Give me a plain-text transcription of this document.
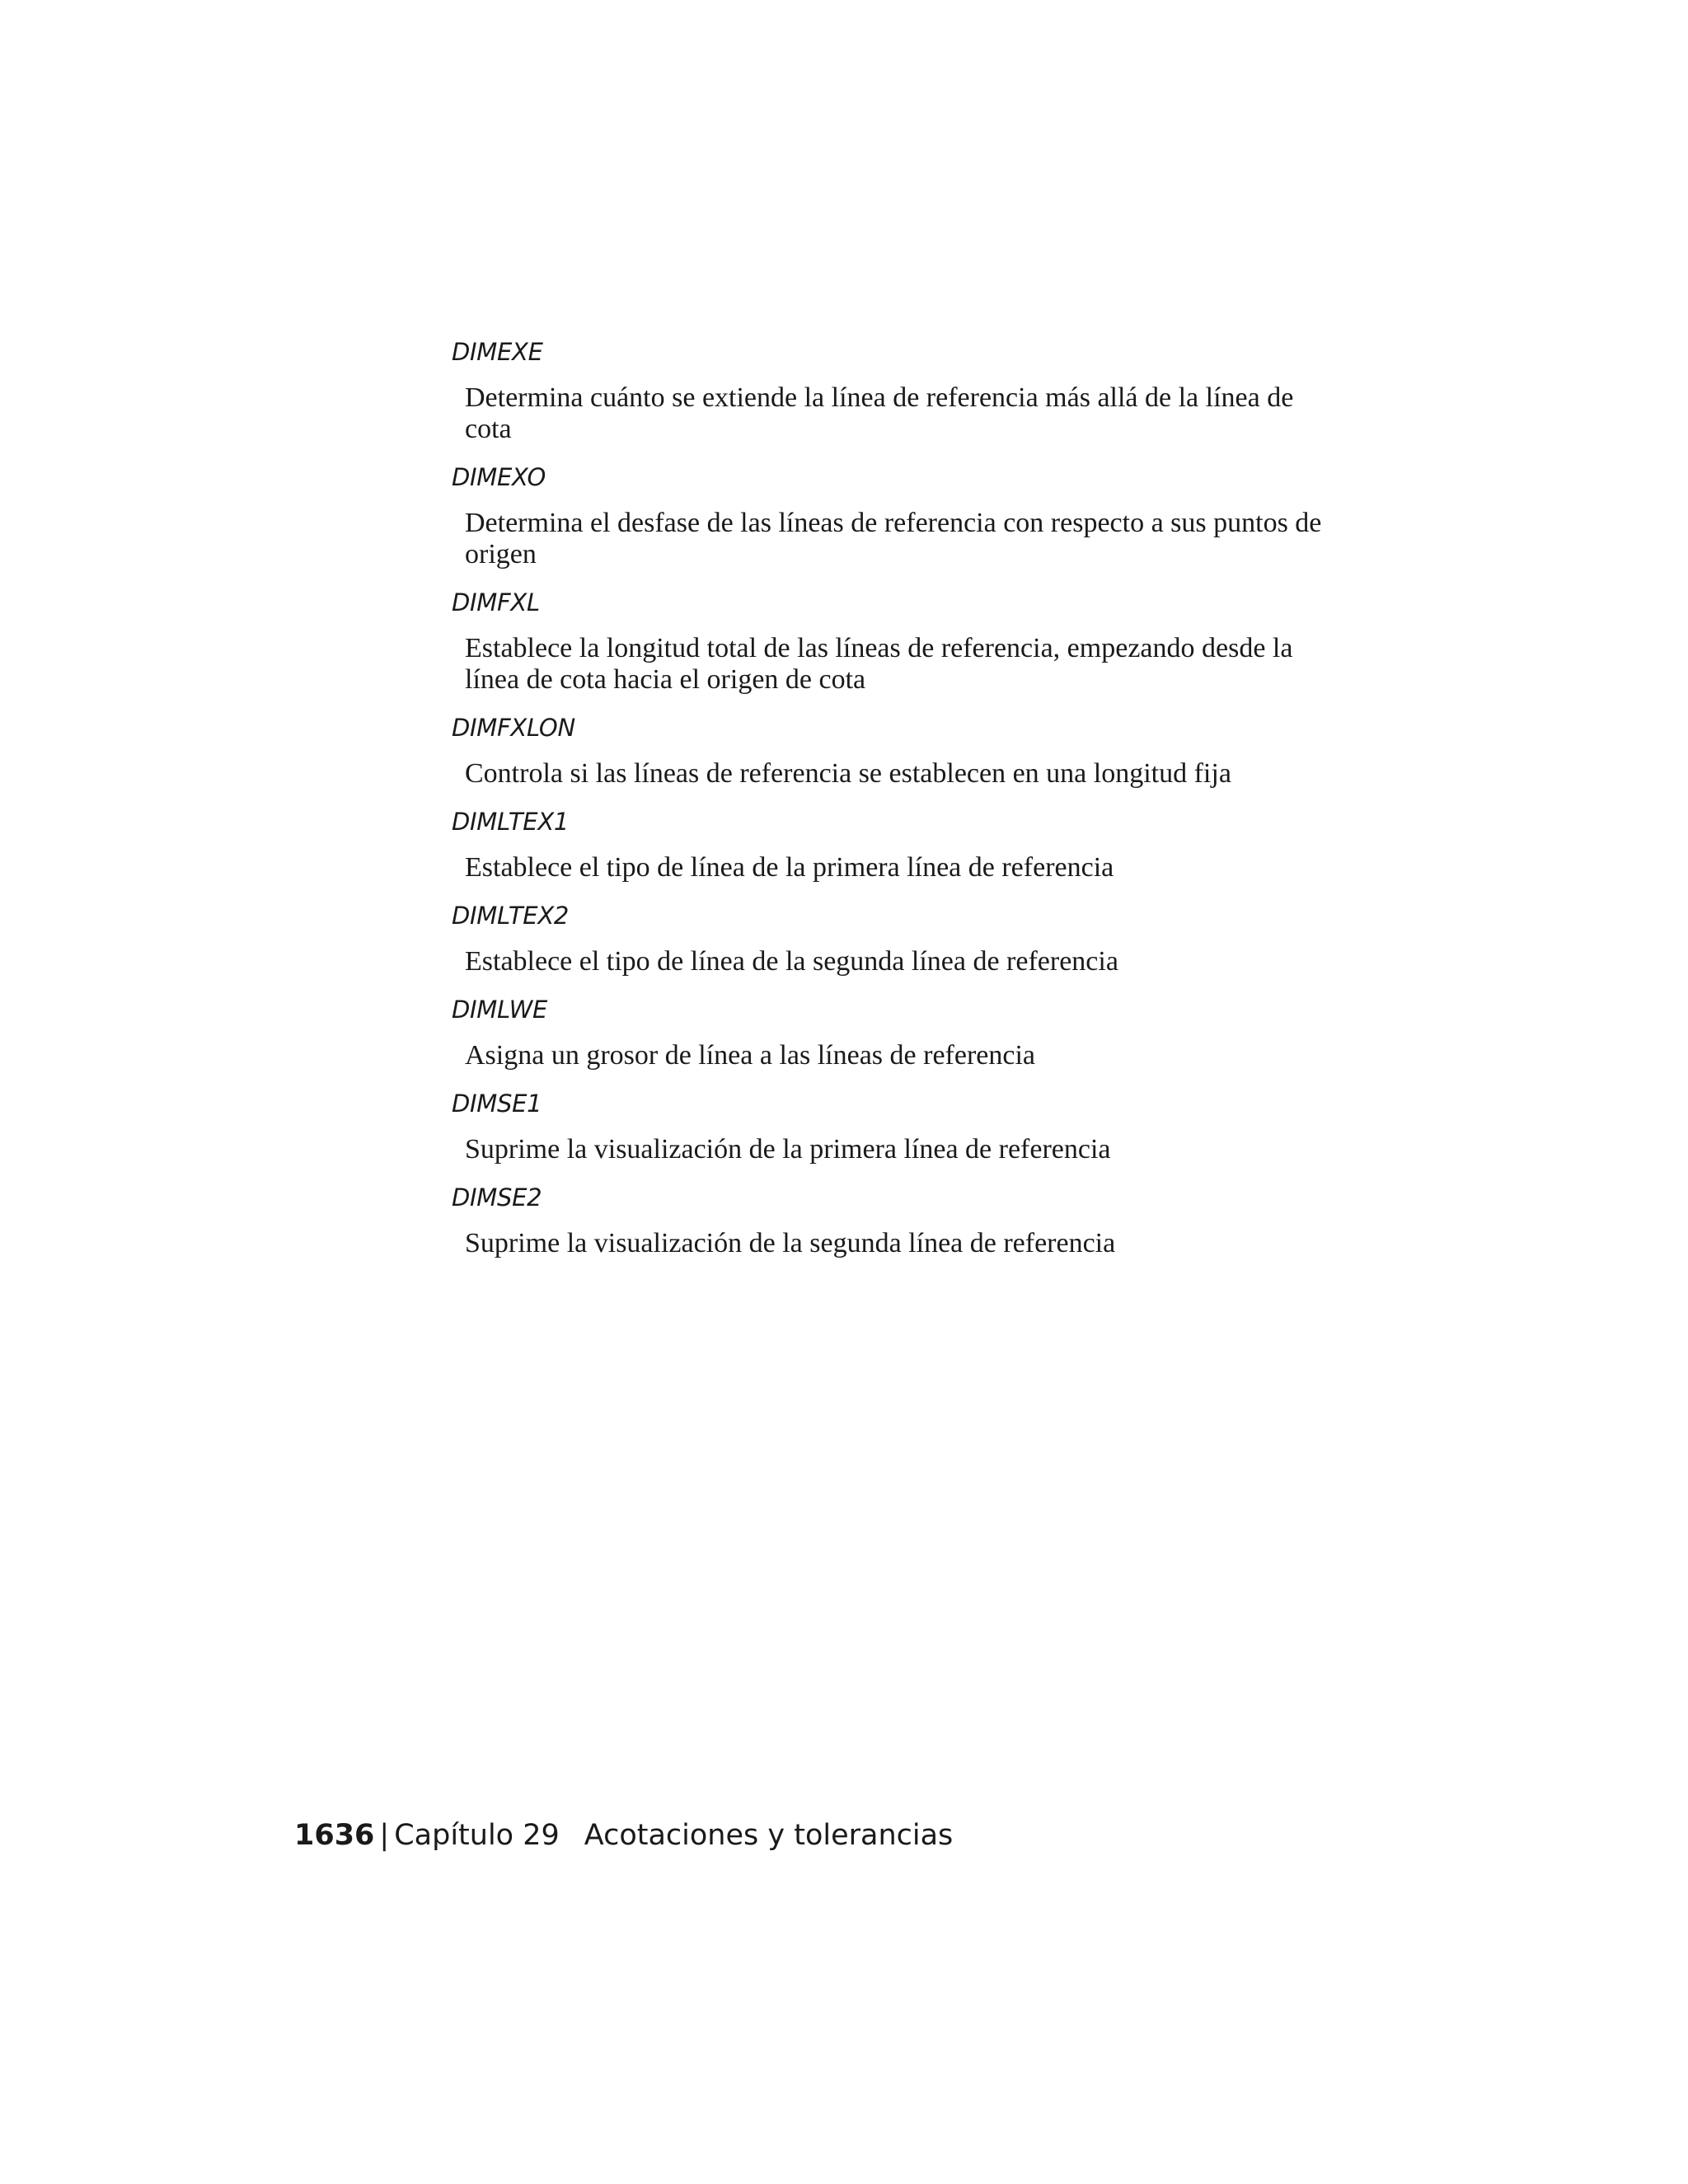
DIMEXE

Determina cuánto se extiende la línea de referencia más allá de la línea de cota

DIMEXO

Determina el desfase de las líneas de referencia con respecto a sus puntos de origen

DIMFXL

Establece la longitud total de las líneas de referencia, empezando desde la línea de cota hacia el origen de cota

DIMFXLON

Controla si las líneas de referencia se establecen en una longitud fija

DIMLTEX1

Establece el tipo de línea de la primera línea de referencia

DIMLTEX2

Establece el tipo de línea de la segunda línea de referencia

DIMLWE

Asigna un grosor de línea a las líneas de referencia

DIMSE1

Suprime la visualización de la primera línea de referencia

DIMSE2

Suprime la visualización de la segunda línea de referencia

1636 | Capítulo 29 Acotaciones y tolerancias
